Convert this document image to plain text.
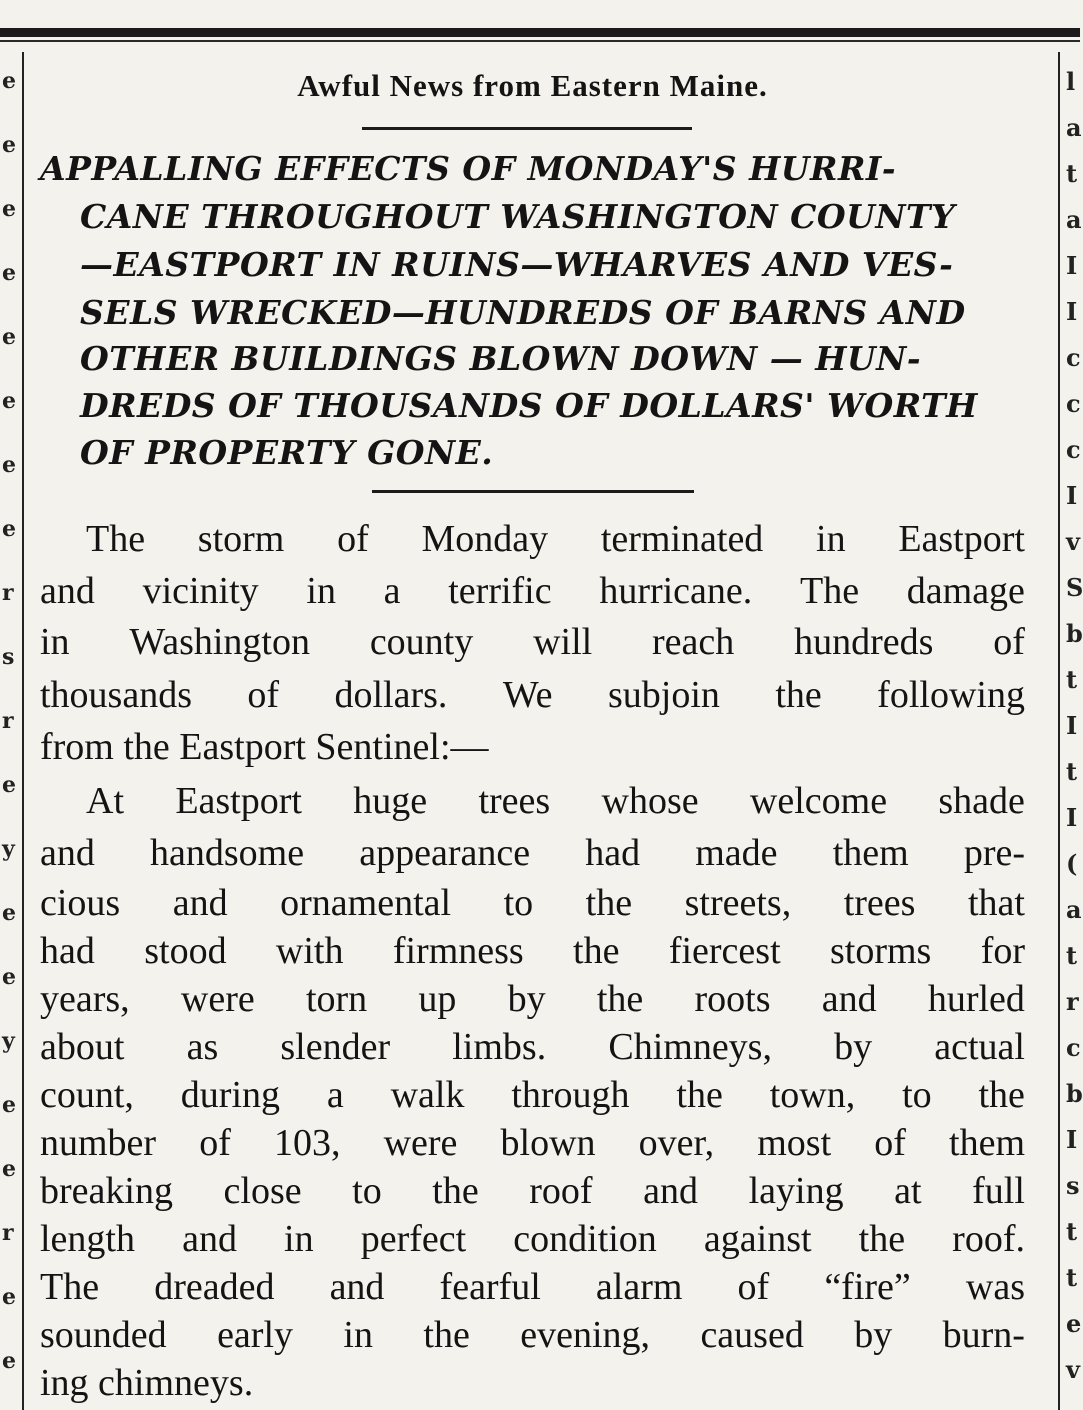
e
e
e
e
e
e
e
e
r
s
r
e
y
e
e
y
e
e
r
e
e
l
a
t
a
I
I
c
c
c
I
v
S
b
t
I
t
I
(
a
t
r
c
b
I
s
t
t
e
v
Awful News from Eastern Maine.
APPALLING EFFECTS OF MONDAY'S HURRI-
CANE THROUGHOUT WASHINGTON COUNTY
—EASTPORT IN RUINS—WHARVES AND VES-
SELS WRECKED—HUNDREDS OF BARNS AND
OTHER BUILDINGS BLOWN DOWN — HUN-
DREDS OF THOUSANDS OF DOLLARS' WORTH
OF PROPERTY GONE.
The storm of Monday terminated in Eastport
and vicinity in a terrific hurricane. The damage
in Washington county will reach hundreds of
thousands of dollars. We subjoin the following
from the Eastport Sentinel:—
At Eastport huge trees whose welcome shade
and handsome appearance had made them pre-
cious and ornamental to the streets, trees that
had stood with firmness the fiercest storms for
years, were torn up by the roots and hurled
about as slender limbs. Chimneys, by actual
count, during a walk through the town, to the
number of 103, were blown over, most of them
breaking close to the roof and laying at full
length and in perfect condition against the roof.
The dreaded and fearful alarm of “fire” was
sounded early in the evening, caused by burn-
ing chimneys.
